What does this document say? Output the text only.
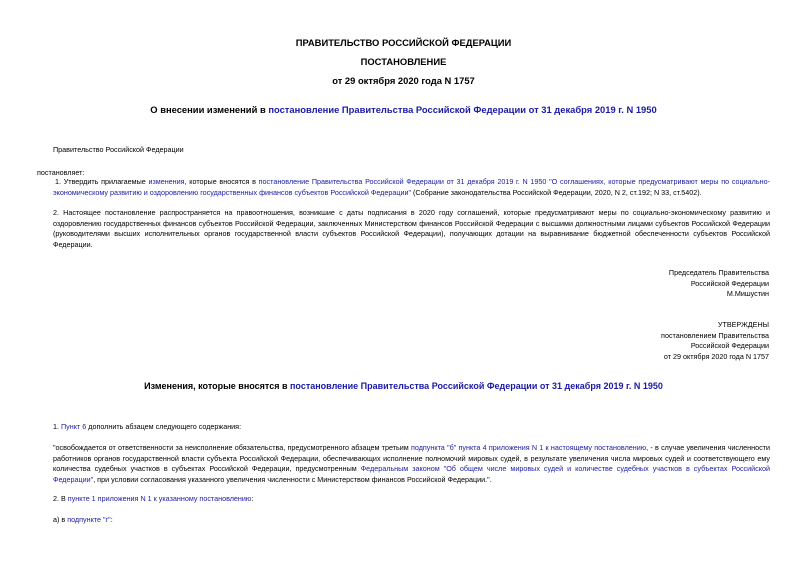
ПРАВИТЕЛЬСТВО РОССИЙСКОЙ ФЕДЕРАЦИИ
ПОСТАНОВЛЕНИЕ
от 29 октября 2020 года N 1757
О внесении изменений в постановление Правительства Российской Федерации от 31 декабря 2019 г. N 1950
Правительство Российской Федерации
постановляет:
1. Утвердить прилагаемые изменения, которые вносятся в постановление Правительства Российской Федерации от 31 декабря 2019 г. N 1950 "О соглашениях, которые предусматривают меры по социально-экономическому развитию и оздоровлению государственных финансов субъектов Российской Федерации" (Собрание законодательства Российской Федерации, 2020, N 2, ст.192; N 33, ст.5402).
2. Настоящее постановление распространяется на правоотношения, возникшие с даты подписания в 2020 году соглашений, которые предусматривают меры по социально-экономическому развитию и оздоровлению государственных финансов субъектов Российской Федерации, заключенных Министерством финансов Российской Федерации с высшими должностными лицами субъектов Российской Федерации (руководителями высших исполнительных органов государственной власти субъектов Российской Федерации), получающих дотации на выравнивание бюджетной обеспеченности субъектов Российской Федерации.
Председатель Правительства
Российской Федерации
М.Мишустин
УТВЕРЖДЕНЫ
постановлением Правительства
Российской Федерации
от 29 октября 2020 года N 1757
Изменения, которые вносятся в постановление Правительства Российской Федерации от 31 декабря 2019 г. N 1950
1. Пункт 6 дополнить абзацем следующего содержания:
"освобождается от ответственности за неисполнение обязательства, предусмотренного абзацем третьим подпункта "б" пункта 4 приложения N 1 к настоящему постановлению, - в случае увеличения численности работников органов государственной власти субъекта Российской Федерации, обеспечивающих исполнение полномочий мировых судей, в результате увеличения числа мировых судей и соответствующего ему количества судебных участков в субъектах Российской Федерации, предусмотренным Федеральным законом "Об общем числе мировых судей и количестве судебных участков в субъектах Российской Федерации", при условии согласования указанного увеличения численности с Министерством финансов Российской Федерации.".
2. В пункте 1 приложения N 1 к указанному постановлению:
а) в подпункте "г":
